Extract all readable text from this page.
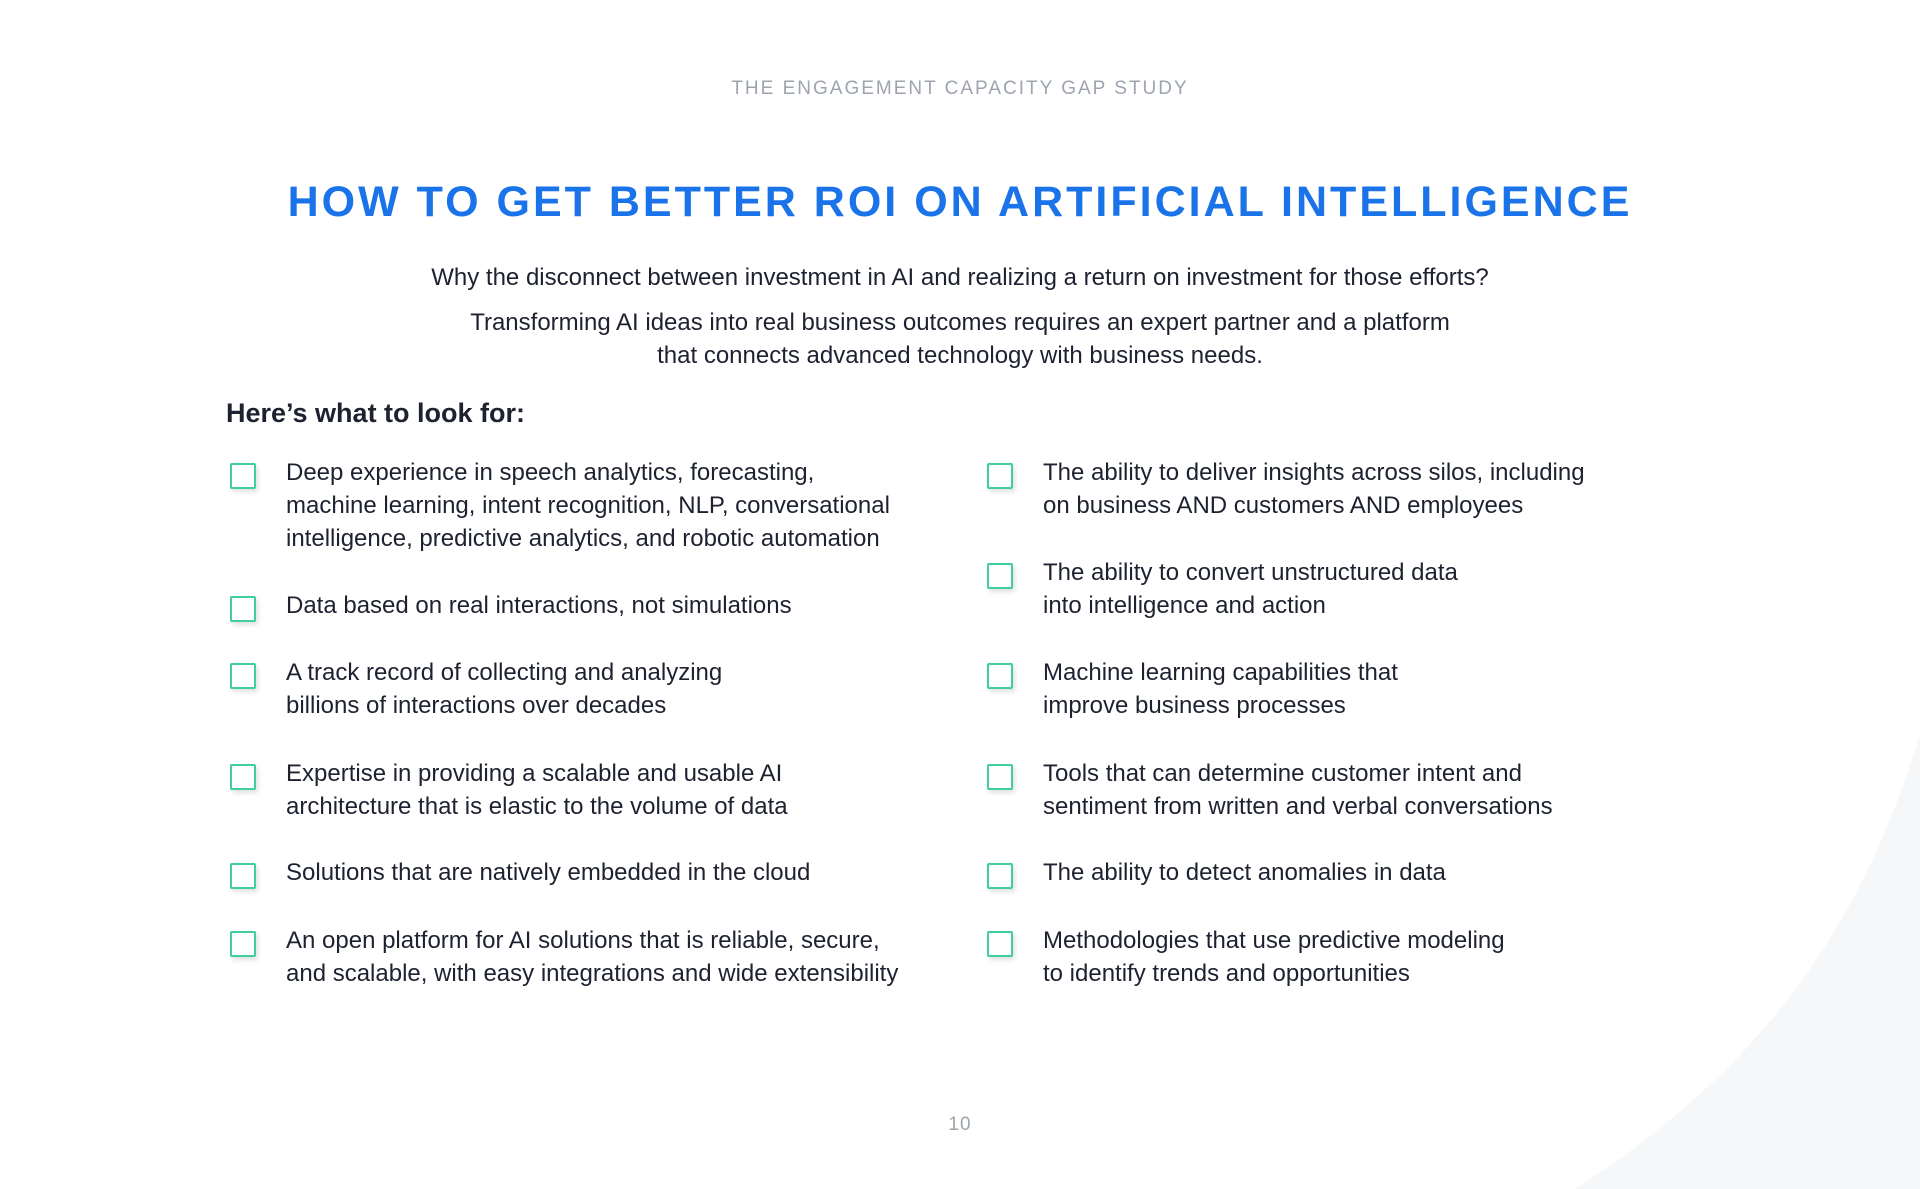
THE ENGAGEMENT CAPACITY GAP STUDY
HOW TO GET BETTER ROI ON ARTIFICIAL INTELLIGENCE

Why the disconnect between investment in AI and realizing a return on investment for those efforts?

Transforming AI ideas into real business outcomes requires an expert partner and a platform
that connects advanced technology with business needs.

Here’s what to look for:
Deep experience in speech analytics, forecasting,
machine learning, intent recognition, NLP, conversational
intelligence, predictive analytics, and robotic automation
Data based on real interactions, not simulations
A track record of collecting and analyzing
billions of interactions over decades
Expertise in providing a scalable and usable AI
architecture that is elastic to the volume of data
Solutions that are natively embedded in the cloud
An open platform for AI solutions that is reliable, secure,
and scalable, with easy integrations and wide extensibility
The ability to deliver insights across silos, including
on business AND customers AND employees
The ability to convert unstructured data
into intelligence and action
Machine learning capabilities that
improve business processes
Tools that can determine customer intent and
sentiment from written and verbal conversations
The ability to detect anomalies in data
Methodologies that use predictive modeling
to identify trends and opportunities
10
